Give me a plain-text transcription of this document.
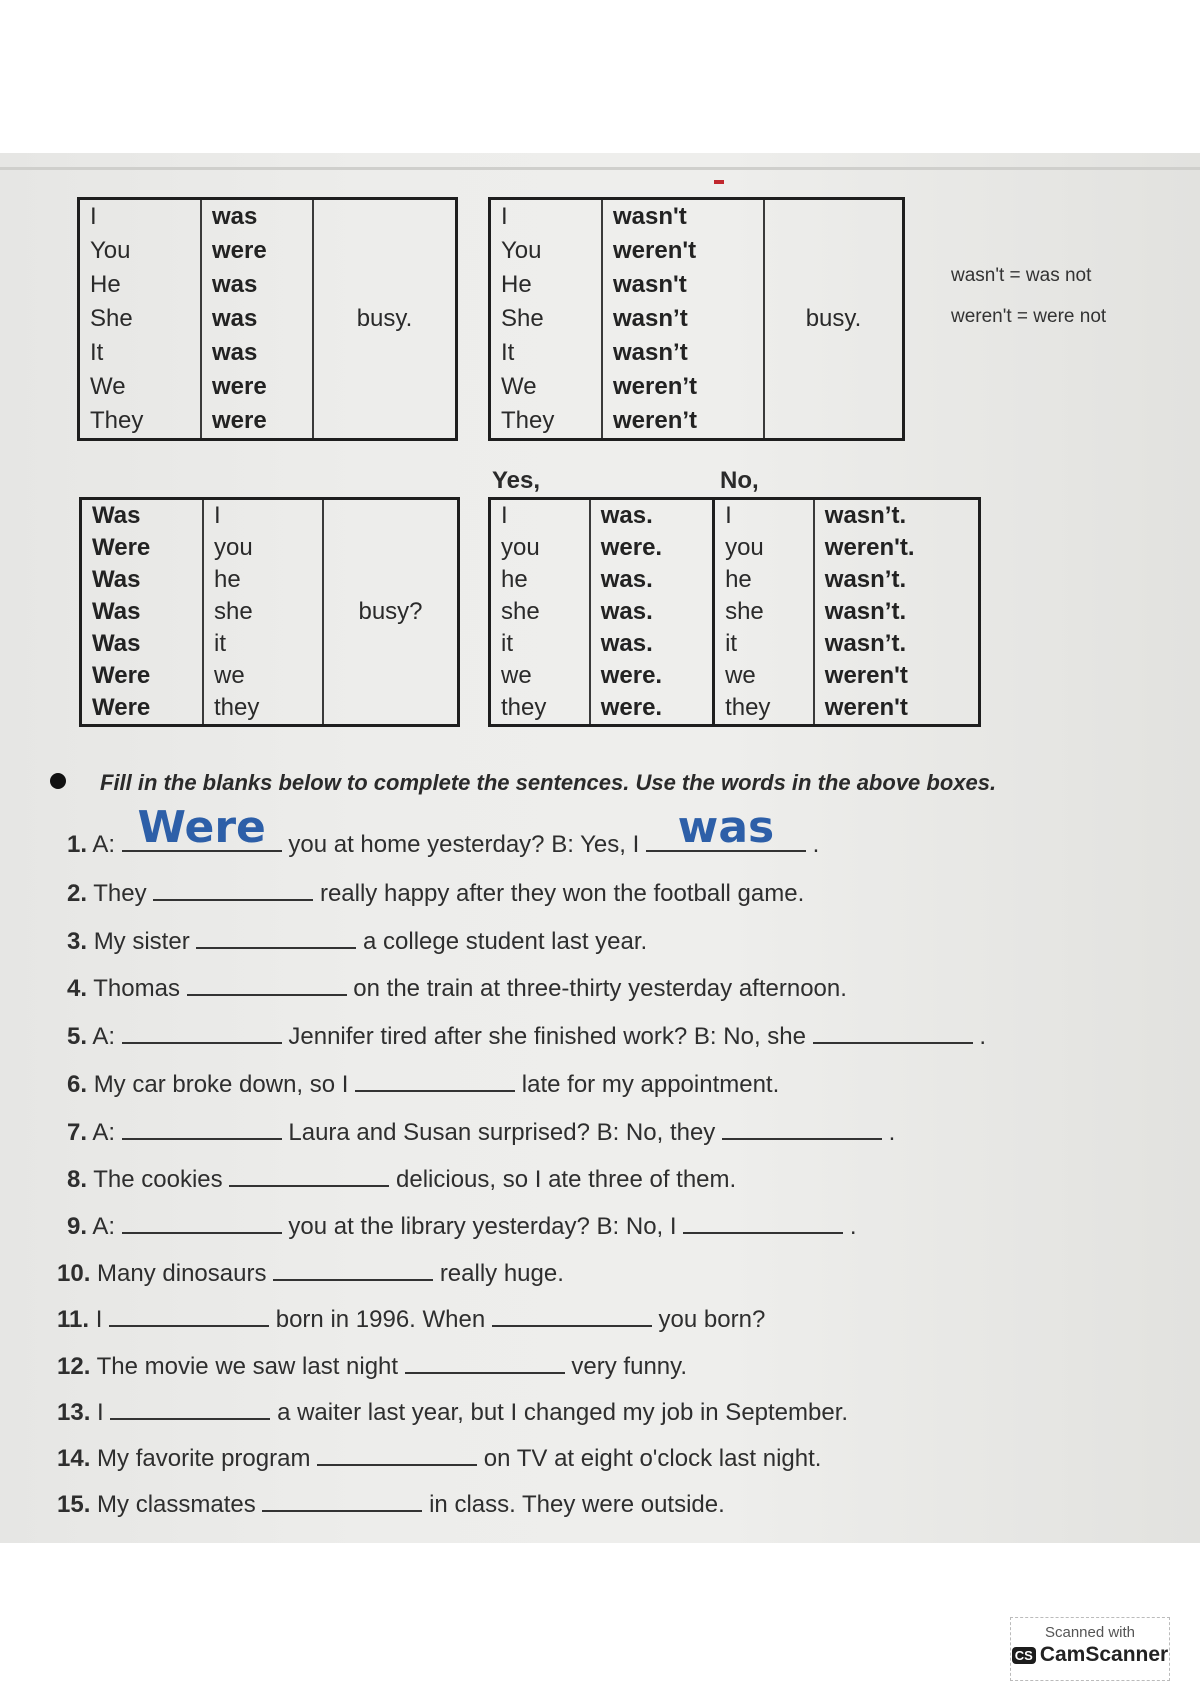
I	was	busy.
You	were	
He	was	
She	was	
It	was	
We	were	
They	were	
I	wasn't	busy.
You	weren't	
He	wasn't	
She	wasn’t	
It	wasn’t	
We	weren’t	
They	weren’t	
wasn't = was not
weren't = were not
Yes,	No,
Was	I	busy?
Were	you	
Was	he	
Was	she	
Was	it	
Were	we	
Were	they	
I	was.	I	wasn’t.
you	were.	you	weren't.
he	was.	he	wasn’t.
she	was.	she	wasn’t.
it	was.	it	wasn’t.
we	were.	we	weren't
they	were.	they	weren't
Fill in the blanks below to complete the sentences. Use the words in the above boxes.
1. A: Were you at home yesterday? B: Yes, I was	.
2. They	really happy after they won the football game.
3. My sister	a college student last year.
4. Thomas	on the train at three-thirty yesterday afternoon.
5. A:	Jennifer tired after she finished work? B: No, she	.
6. My car broke down, so I	late for my appointment.
7. A:	Laura and Susan surprised? B: No, they	.
8. The cookies	delicious, so I ate three of them.
9. A:	you at the library yesterday? B: No, I	.
10. Many dinosaurs	really huge.
11. I	born in 1996. When	you born?
12. The movie we saw last night	very funny.
13. I	a waiter last year, but I changed my job in September.
14. My favorite program	on TV at eight o'clock last night.
15. My classmates	in class. They were outside.
Scanned with
CS CamScanner
